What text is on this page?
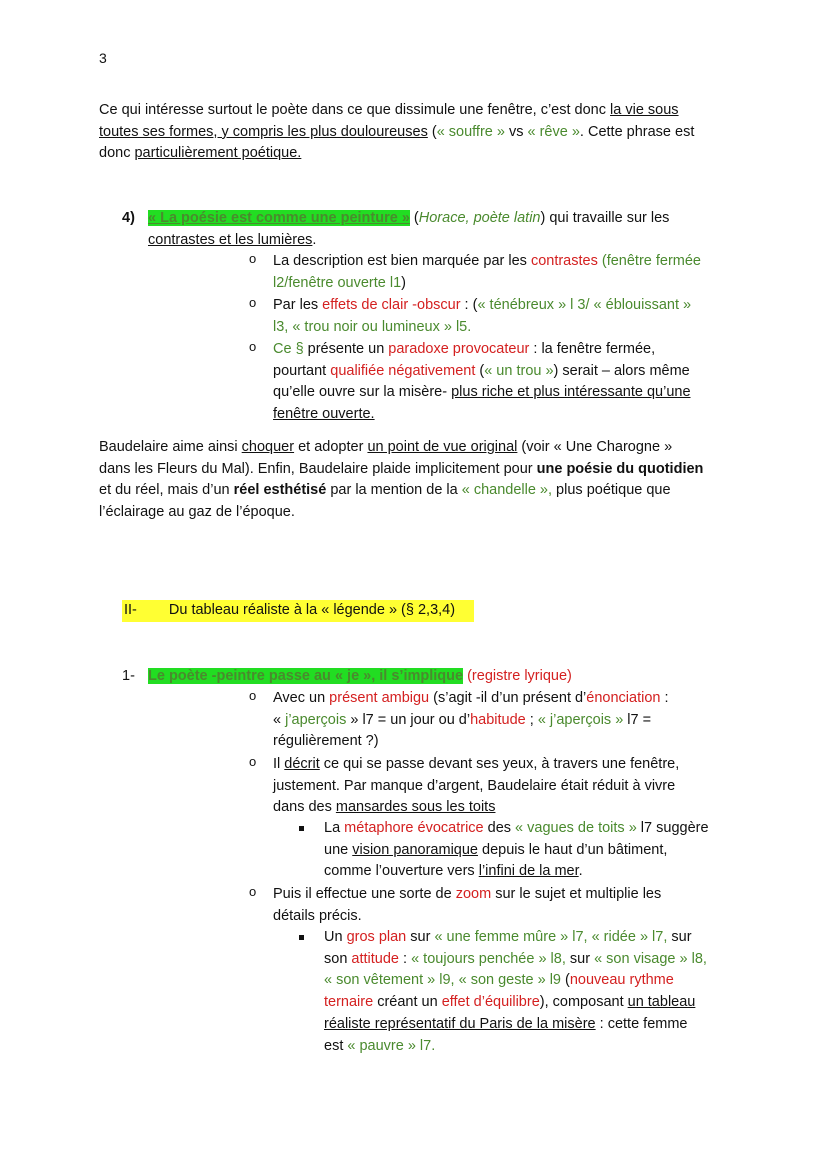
3
Ce qui intéresse surtout le poète dans ce que dissimule une fenêtre, c’est donc la vie sous
toutes ses formes, y compris les plus douloureuses (« souffre » vs « rêve ». Cette phrase est
donc particulièrement poétique.
4) « La poésie est comme une peinture » (Horace, poète latin) qui travaille sur les
contrastes et les lumières.
o La description est bien marquée par les contrastes (fenêtre fermée
l2/fenêtre ouverte l1)
o Par les effets de clair -obscur : (« ténébreux » l 3/ « éblouissant »
l3, « trou noir ou lumineux » l5.
o Ce § présente un paradoxe provocateur : la fenêtre fermée,
pourtant qualifiée négativement (« un trou ») serait – alors même
qu’elle ouvre sur la misère- plus riche et plus intéressante qu’une
fenêtre ouverte.
Baudelaire aime ainsi choquer et adopter un point de vue original (voir « Une Charogne »
dans les Fleurs du Mal). Enfin, Baudelaire plaide implicitement pour une poésie du quotidien
et du réel, mais d’un réel esthétisé par la mention de la « chandelle », plus poétique que
l’éclairage au gaz de l’époque.
II- Du tableau réaliste à la « légende » (§ 2,3,4)
1- Le poète -peintre passe au « je », il s’implique (registre lyrique)
o Avec un présent ambigu (s’agit -il d’un présent d’énonciation :
« j’aperçois » l7 = un jour ou d’habitude ; « j’aperçois » l7 =
régulièrement ?)
o Il décrit ce qui se passe devant ses yeux, à travers une fenêtre,
justement. Par manque d’argent, Baudelaire était réduit à vivre
dans des mansardes sous les toits
La métaphore évocatrice des « vagues de toits » l7 suggère
une vision panoramique depuis le haut d’un bâtiment,
comme l’ouverture vers l’infini de la mer.
o Puis il effectue une sorte de zoom sur le sujet et multiplie les
détails précis.
Un gros plan sur « une femme mûre » l7, « ridée » l7, sur
son attitude : « toujours penchée » l8, sur « son visage » l8,
« son vêtement » l9, « son geste » l9 (nouveau rythme
ternaire créant un effet d’équilibre), composant un tableau
réaliste représentatif du Paris de la misère : cette femme
est « pauvre » l7.
